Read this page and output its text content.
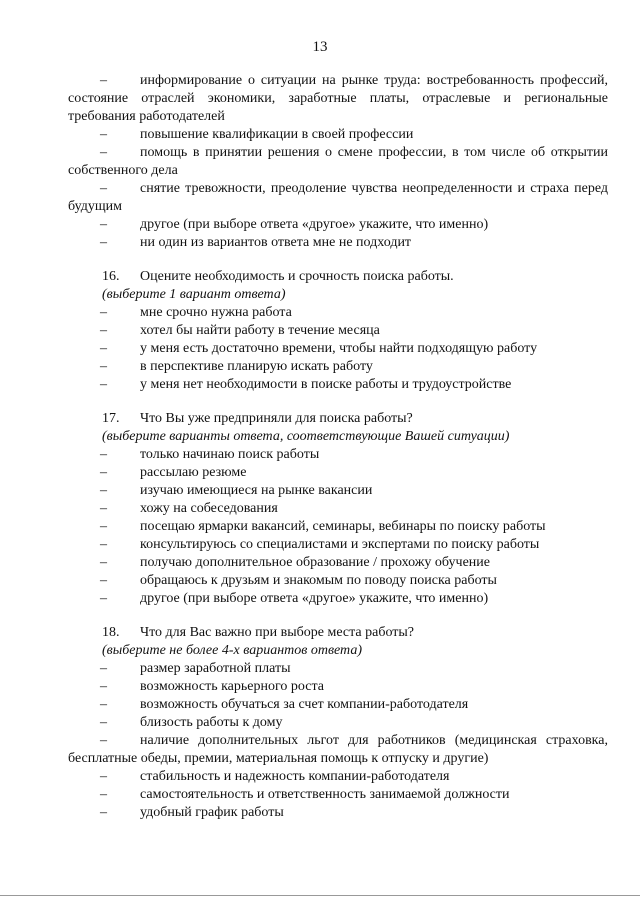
13
– информирование о ситуации на рынке труда: востребованность профессий, состояние отраслей экономики, заработные платы, отраслевые и региональные требования работодателей
–	повышение квалификации в своей профессии
– помощь в принятии решения о смене профессии, в том числе об открытии собственного дела
– снятие тревожности, преодоление чувства неопределенности и страха перед будущим
–	другое (при выборе ответа «другое» укажите, что именно)
–	ни один из вариантов ответа мне не подходит
16.	Оцените необходимость и срочность поиска работы.
(выберите 1 вариант ответа)
–	мне срочно нужна работа
–	хотел бы найти работу в течение месяца
–	у меня есть достаточно времени, чтобы найти подходящую работу
–	в перспективе планирую искать работу
–	у меня нет необходимости в поиске работы и трудоустройстве
17.	Что Вы уже предприняли для поиска работы?
(выберите варианты ответа, соответствующие Вашей ситуации)
–	только начинаю поиск работы
–	рассылаю резюме
–	изучаю имеющиеся на рынке вакансии
–	хожу на собеседования
–	посещаю ярмарки вакансий, семинары, вебинары по поиску работы
–	консультируюсь со специалистами и экспертами по поиску работы
–	получаю дополнительное образование / прохожу обучение
–	обращаюсь к друзьям и знакомым по поводу поиска работы
–	другое (при выборе ответа «другое» укажите, что именно)
18.	Что для Вас важно при выборе места работы?
(выберите не более 4-х вариантов ответа)
–	размер заработной платы
–	возможность карьерного роста
–	возможность обучаться за счет компании-работодателя
–	близость работы к дому
– наличие дополнительных льгот для работников (медицинская страховка, бесплатные обеды, премии, материальная помощь к отпуску и другие)
–	стабильность и надежность компании-работодателя
–	самостоятельность и ответственность занимаемой должности
–	удобный график работы
